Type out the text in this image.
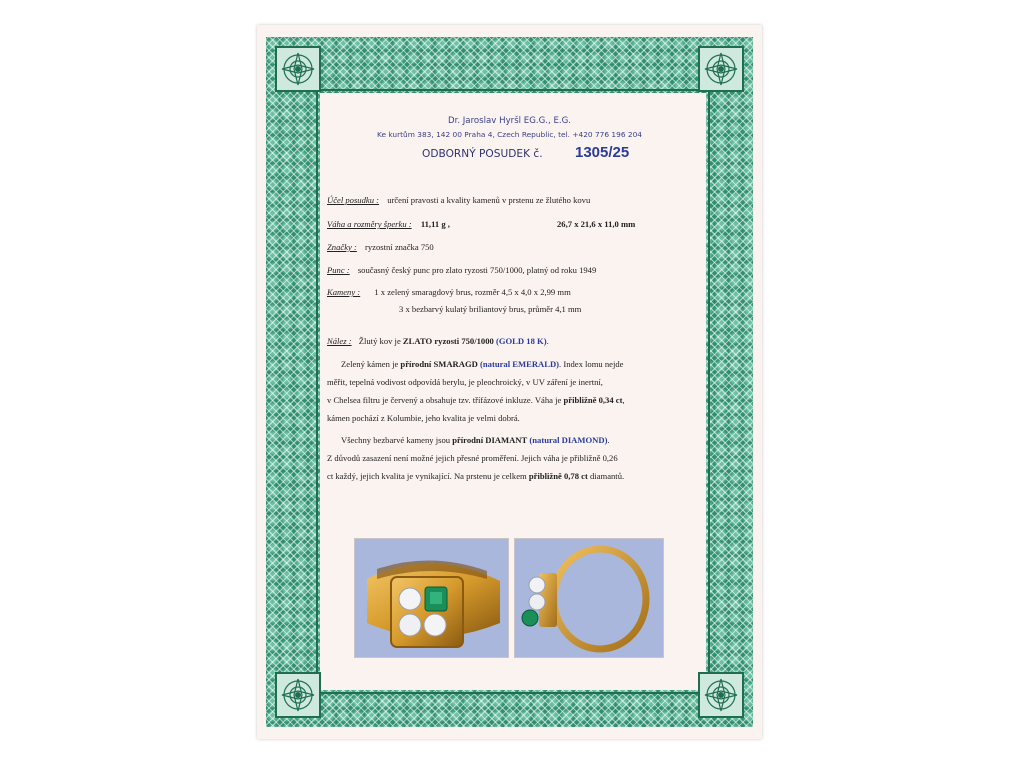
Dr. Jaroslav Hyršl EG.G., E.G.
Ke kurtům 383, 142 00 Praha 4, Czech Republic, tel. +420 776 196 204
ODBORNÝ POSUDEK č. 1305/25
Účel posudku : určení pravosti a kvality kamenů v prstenu ze žlutého kovu
Váha a rozměry šperku : 11,11 g ,	26,7 x 21,6 x 11,0 mm
Značky : ryzostní značka 750
Punc : současný český punc pro zlato ryzosti 750/1000, platný od roku 1949
Kameny : 1 x zelený smaragdový brus, rozměr 4,5 x 4,0 x 2,99 mm
3 x bezbarvý kulatý briliantový brus, průměr 4,1 mm
Nález : Žlutý kov je ZLATO ryzosti 750/1000 (GOLD 18 K).
Zelený kámen je přírodní SMARAGD (natural EMERALD). Index lomu nejde
měřit, tepelná vodivost odpovídá berylu, je pleochroický, v UV záření je inertní,
v Chelsea filtru je červený a obsahuje tzv. třífázové inkluze. Váha je přibližně 0,34 ct,
kámen pochází z Kolumbie, jeho kvalita je velmi dobrá.
Všechny bezbarvé kameny jsou přírodní DIAMANT (natural DIAMOND).
Z důvodů zasazení není možné jejich přesné proměření. Jejich váha je přibližně 0,26
ct každý, jejich kvalita je vynikající. Na prstenu je celkem přibližně 0,78 ct diamantů.
